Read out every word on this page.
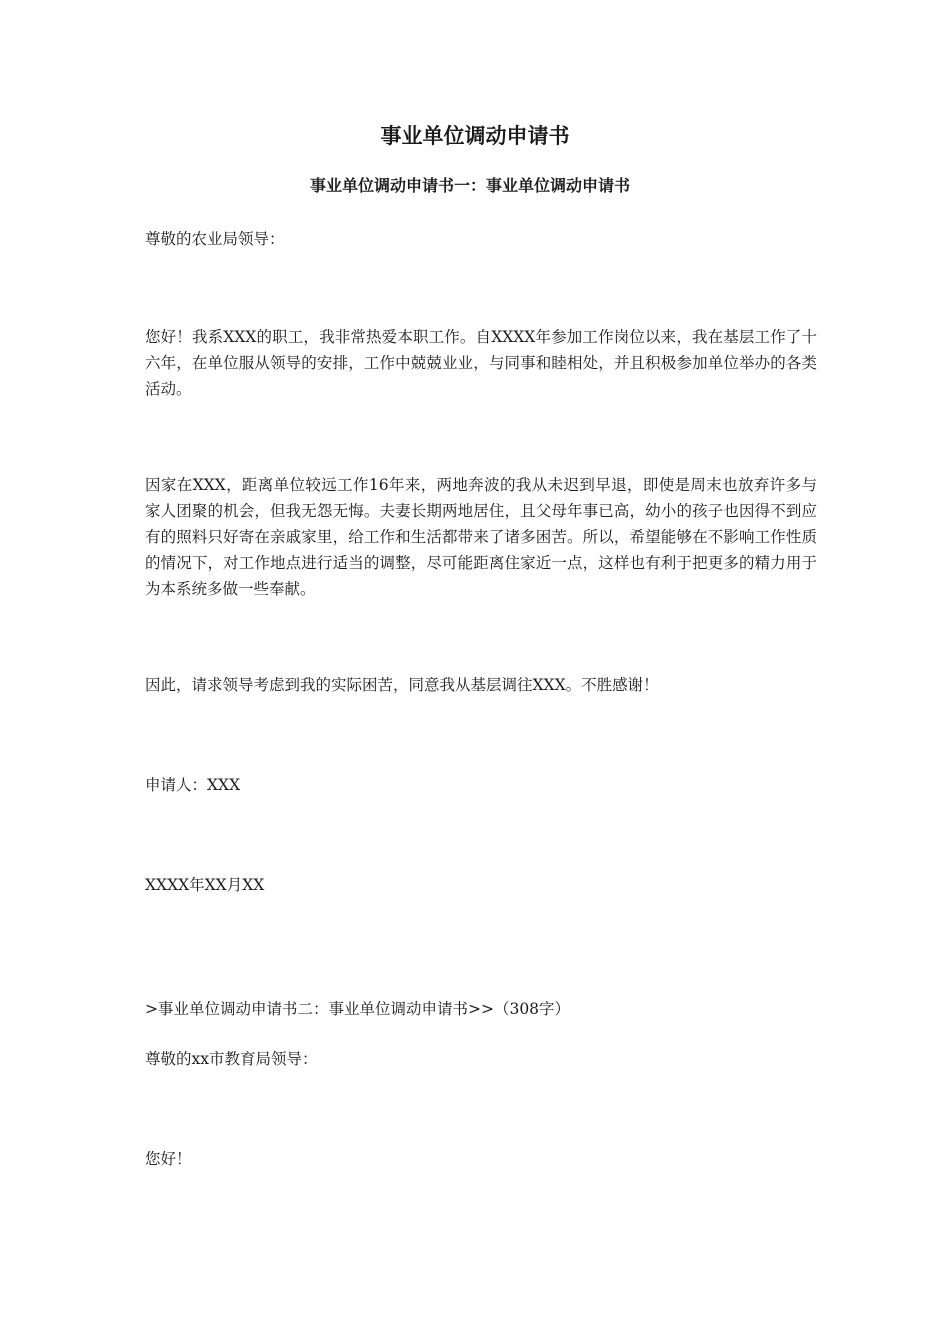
事业单位调动申请书
事业单位调动申请书一：事业单位调动申请书

尊敬的农业局领导：

您好！我系XXX的职工，我非常热爱本职工作。自XXXX年参加工作岗位以来，我在基层工作了十六年，在单位服从领导的安排，工作中兢兢业业，与同事和睦相处，并且积极参加单位举办的各类活动。

因家在XXX，距离单位较远工作16年来，两地奔波的我从未迟到早退，即使是周末也放弃许多与家人团聚的机会，但我无怨无悔。夫妻长期两地居住，且父母年事已高，幼小的孩子也因得不到应有的照料只好寄在亲戚家里，给工作和生活都带来了诸多困苦。所以，希望能够在不影响工作性质的情况下，对工作地点进行适当的调整，尽可能距离住家近一点，这样也有利于把更多的精力用于为本系统多做一些奉献。

因此，请求领导考虑到我的实际困苦，同意我从基层调往XXX。不胜感谢！

申请人：XXX

XXXX年XX月XX

>事业单位调动申请书二：事业单位调动申请书>>（308字）

尊敬的xx市教育局领导：

您好！
